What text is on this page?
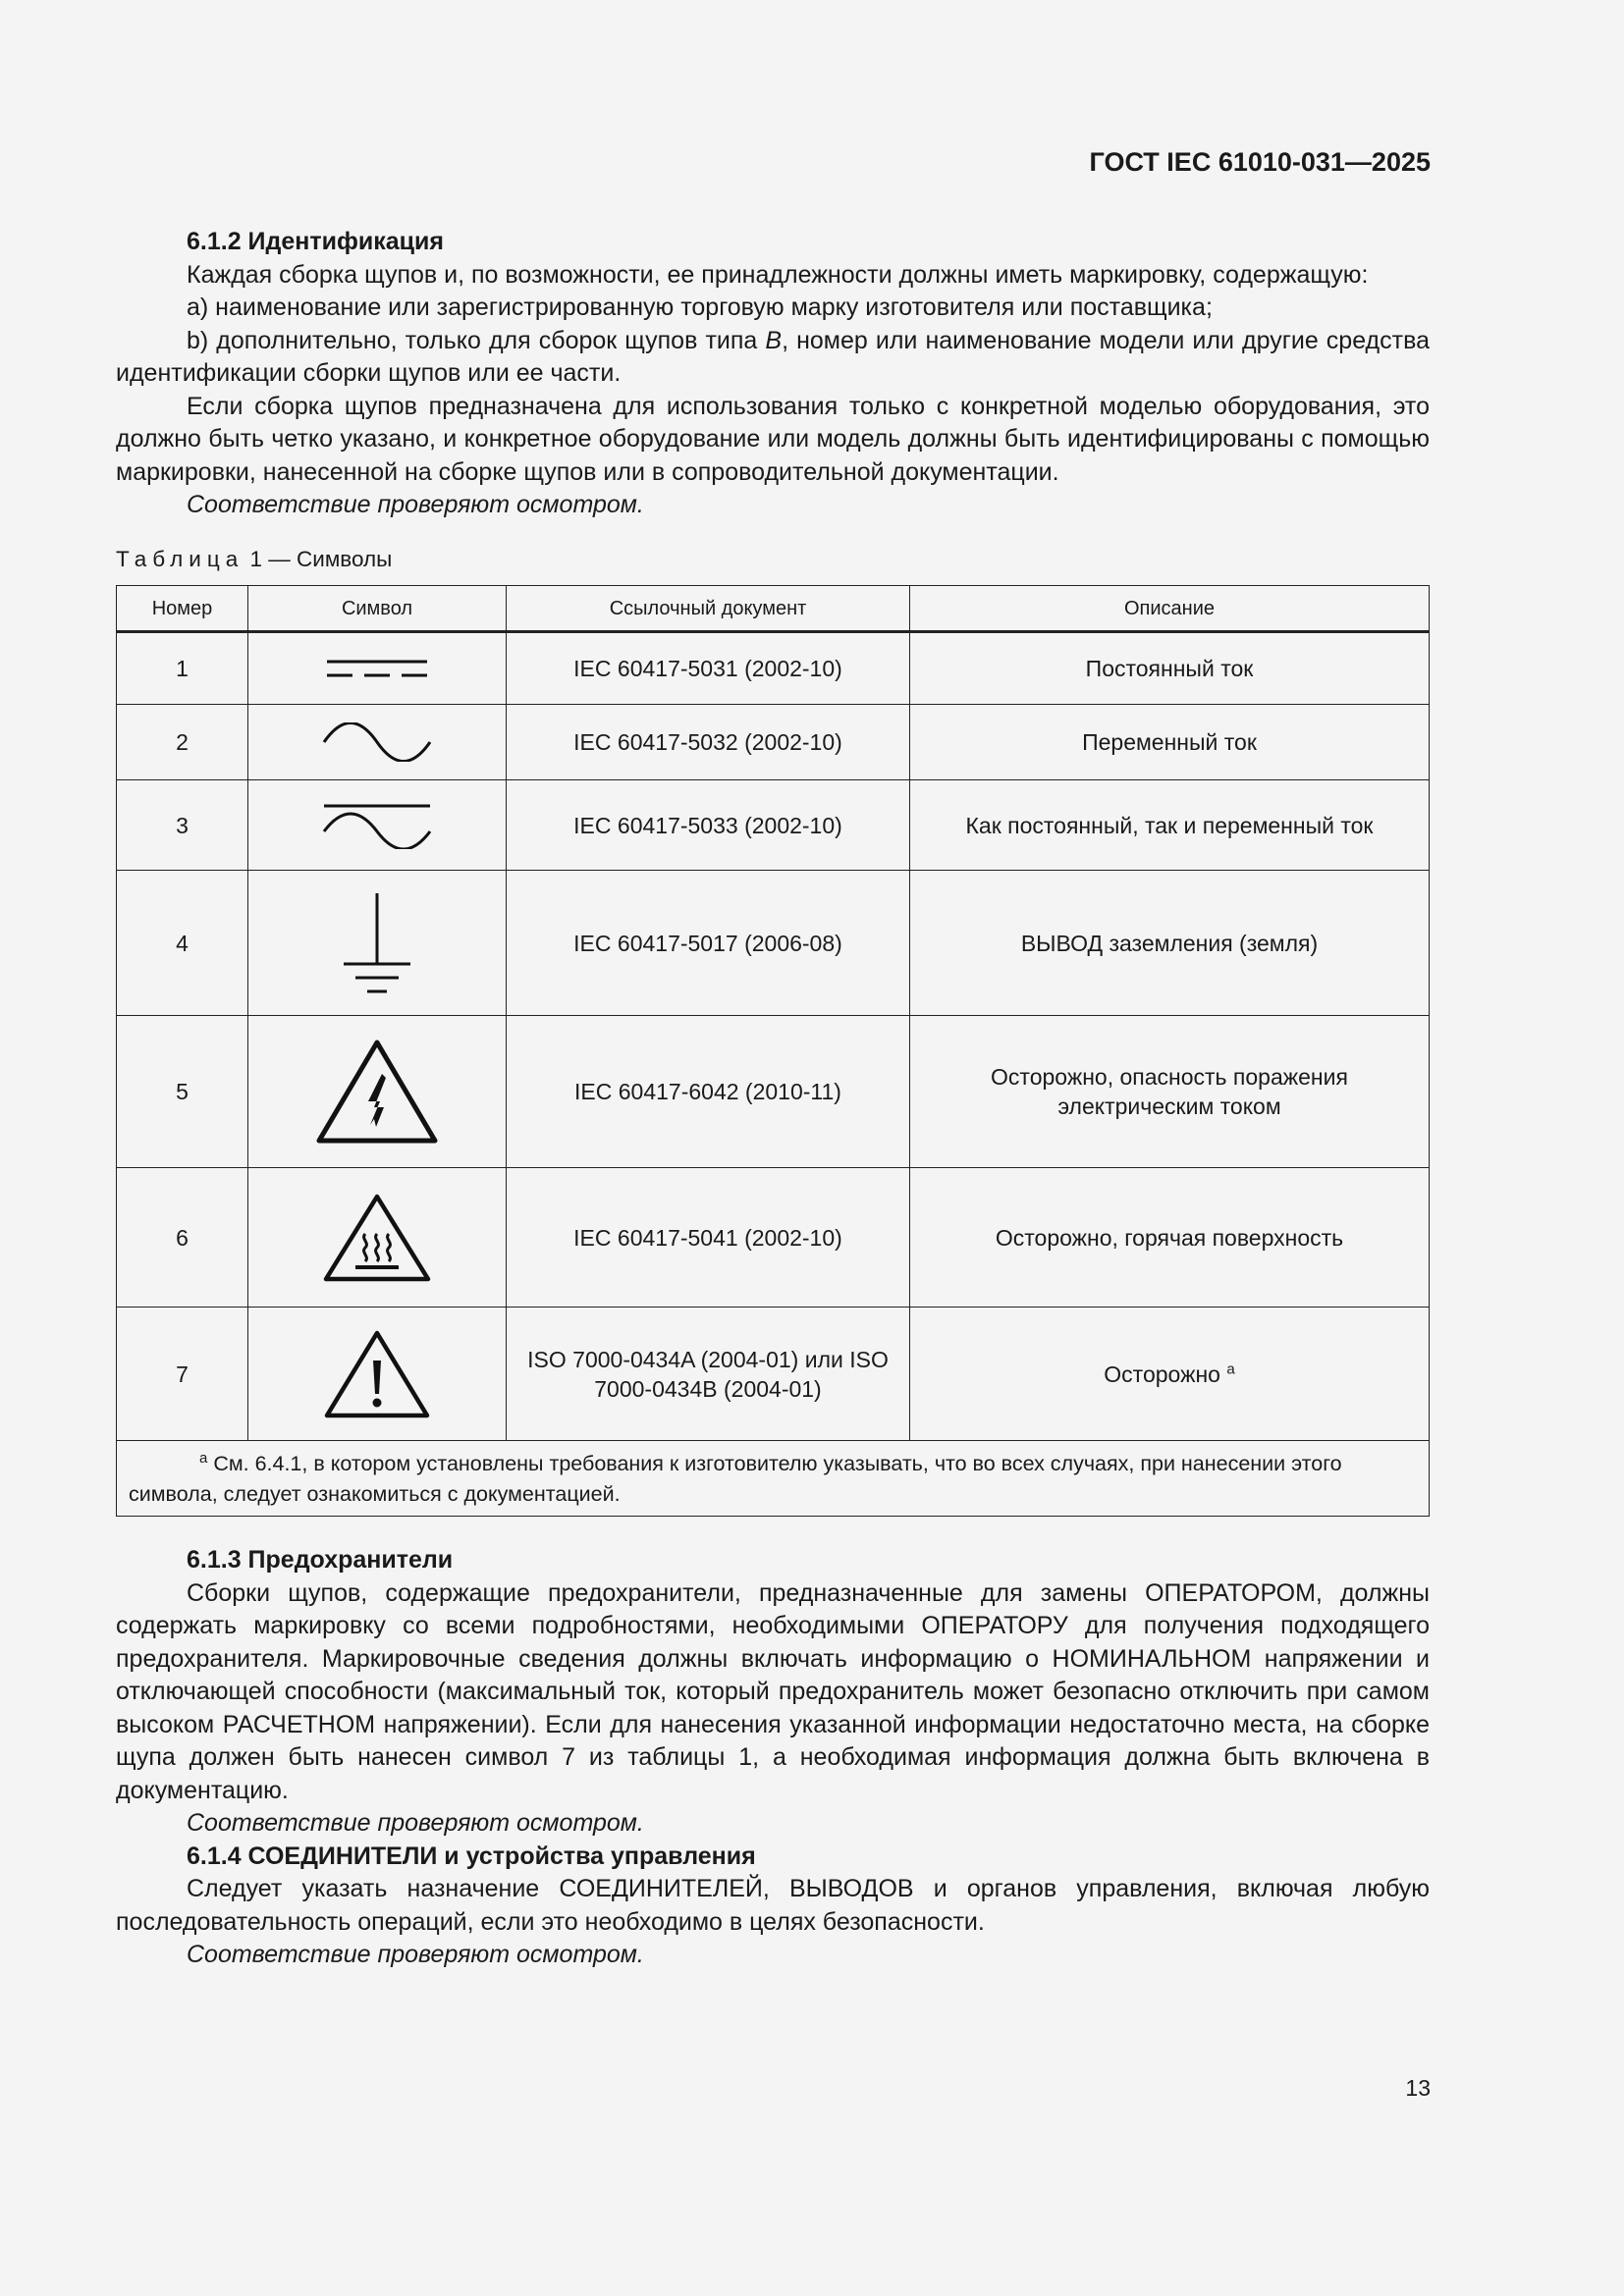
ГОСТ IEC 61010-031—2025

6.1.2 Идентификация

Каждая сборка щупов и, по возможности, ее принадлежности должны иметь маркировку, содержащую:

a) наименование или зарегистрированную торговую марку изготовителя или поставщика;

b) дополнительно, только для сборок щупов типа B, номер или наименование модели или другие средства идентификации сборки щупов или ее части.

Если сборка щупов предназначена для использования только с конкретной моделью оборудования, это должно быть четко указано, и конкретное оборудование или модель должны быть идентифицированы с помощью маркировки, нанесенной на сборке щупов или в сопроводительной документации.

Соответствие проверяют осмотром.

Таблица 1 — Символы
Номер	Символ	Ссылочный документ	Описание
1		IEC 60417-5031 (2002-10)	Постоянный ток
2		IEC 60417-5032 (2002-10)	Переменный ток
3		IEC 60417-5033 (2002-10)	Как постоянный, так и переменный ток
4		IEC 60417-5017 (2006-08)	ВЫВОД заземления (земля)
5		IEC 60417-6042 (2010-11)	Осторожно, опасность поражения электрическим током
6		IEC 60417-5041 (2002-10)	Осторожно, горячая поверхность
7		ISO 7000-0434A (2004-01) или ISO 7000-0434B (2004-01)	Осторожно $^a$
$^a$ См. 6.4.1, в котором установлены требования к изготовителю указывать, что во всех случаях, при нанесении этого символа, следует ознакомиться с документацией.			

6.1.3 Предохранители

Сборки щупов, содержащие предохранители, предназначенные для замены ОПЕРАТОРОМ, должны содержать маркировку со всеми подробностями, необходимыми ОПЕРАТОРУ для получения подходящего предохранителя. Маркировочные сведения должны включать информацию о НОМИНАЛЬНОМ напряжении и отключающей способности (максимальный ток, который предохранитель может безопасно отключить при самом высоком РАСЧЕТНОМ напряжении). Если для нанесения указанной информации недостаточно места, на сборке щупа должен быть нанесен символ 7 из таблицы 1, а необходимая информация должна быть включена в документацию.

Соответствие проверяют осмотром.

6.1.4 СОЕДИНИТЕЛИ и устройства управления

Следует указать назначение СОЕДИНИТЕЛЕЙ, ВЫВОДОВ и органов управления, включая любую последовательность операций, если это необходимо в целях безопасности.

Соответствие проверяют осмотром.

13
